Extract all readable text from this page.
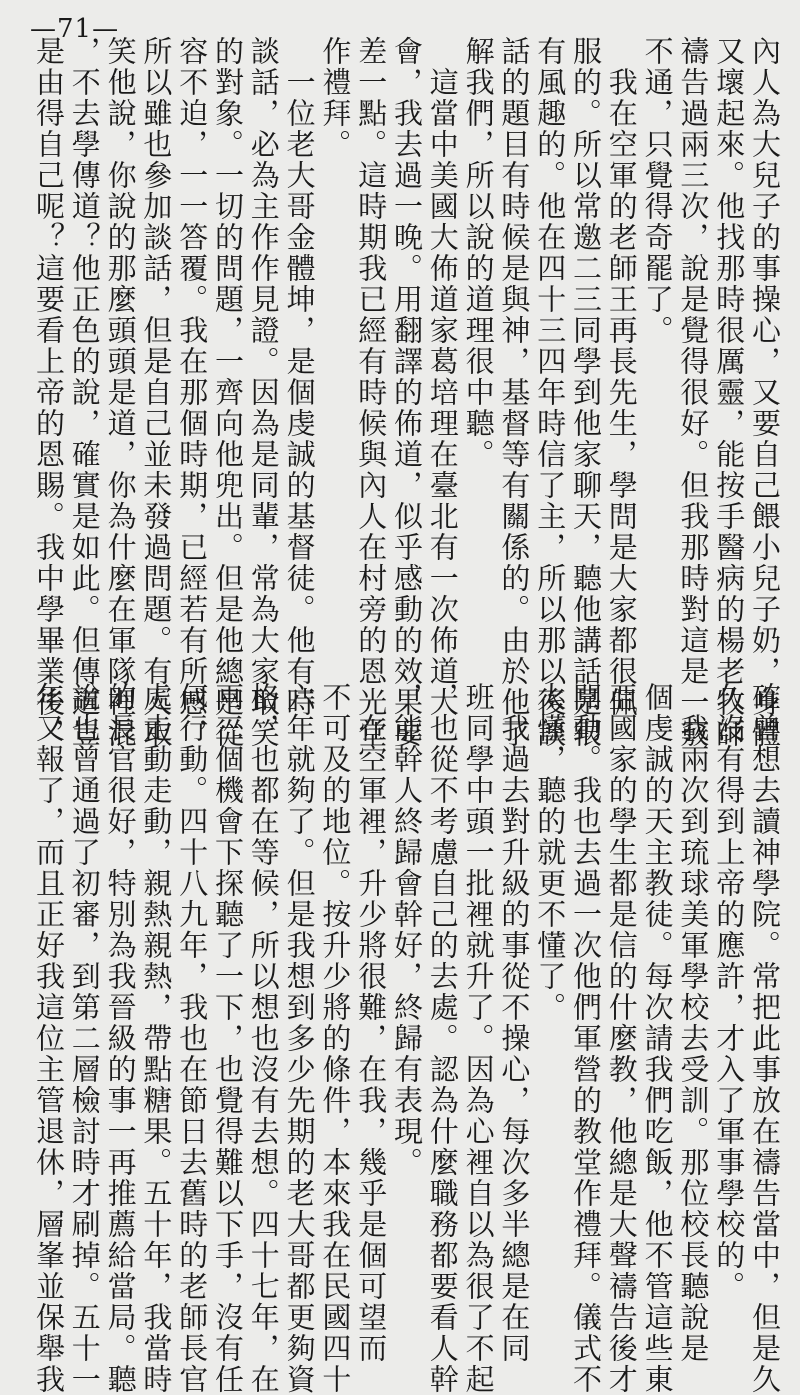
—71—
內人為大兒子的事操心，又要自己餵小兒子奶，身體
又壞起來。他找那時很厲靈，能按手醫病的楊老牧師
禱告過兩三次，說是覺得很好。但我那時對這是一竅
不通，只覺得奇罷了。
　我在空軍的老師王再長先生，學問是大家都很佩
服的。所以常邀二三同學到他家聊天，聽他講話是很
有風趣的。他在四十三四年時信了主，所以那以後談
話的題目有時候是與神，基督等有關係的。由於他了
解我們，所以說的道理很中聽。
　這當中美國大佈道家葛培理在臺北有一次佈道大
會，我去過一晚。用翻譯的佈道，似乎感動的效果要
差一點。這時期我已經有時候與內人在村旁的恩光堂
作禮拜。
　一位老大哥金體坤，是個虔誠的基督徒。他有時
談話，必為主作作見證。因為是同輩，常為大家取笑
的對象。一切的問題，一齊向他兜出。但是他總是從
容不迫，一一答覆。我在那個時期，已經若有所感，
所以雖也參加談話，但是自己並未發過問題。有人取
笑他說，你說的那麼頭頭是道，你為什麼在軍隊裡混
，不去學傳道？他正色的說，確實是如此。但傳道豈
是由得自己呢？這要看上帝的恩賜。我中學畢業後，
確曾想去讀神學院。常把此事放在禱告當中，但是久
久沒有得到上帝的應許，才入了軍事學校的。
　我兩次到琉球美軍學校去受訓。那位校長聽說是
個虔誠的天主教徒。每次請我們吃飯，他不管這些東
亞國家的學生都是信的什麼教，他總是大聲禱告後才
開動。我也去過一次他們軍營的教堂作禮拜。儀式不
太懂，聽的就更不懂了。
　我過去對升級的事從不操心，每次多半總是在同
班同學中頭一批裡就升了。因為心裡自以為很了不起
，也從不考慮自己的去處。認為什麼職務都要看人幹
，能幹人終歸會幹好，終歸有表現。
　在空軍裡，升少將很難，在我，幾乎是個可望而
不可及的地位。按升少將的條件，本來我在民國四十
六年就夠了。但是我想到多少先期的老大哥都更夠資
格，也都在等候，所以想也沒有去想。四十七年，在
兩三個機會下探聽了一下，也覺得難以下手，沒有任
何行動。四十八九年，我也在節日去舊時的老師長官
處走動走動，親熱親熱，帶點糖果。五十年，我當時
的長官很好，特別為我晉級的事一再推薦給當局。聽
說也曾通過了初審，到第二層檢討時才刷掉。五十一
年又報了，而且正好我這位主管退休，層峯並保舉我
